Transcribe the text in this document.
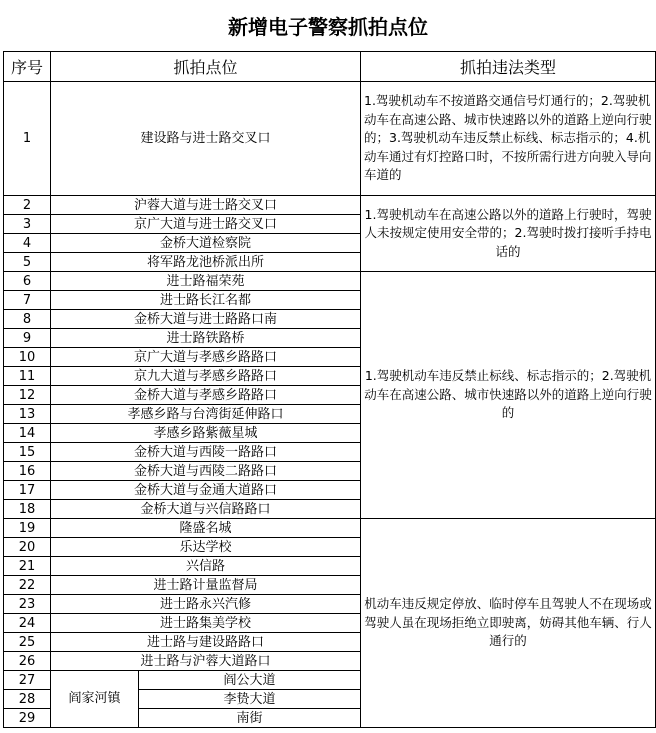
新增电子警察抓拍点位
序号	抓拍点位		抓拍违法类型
1	建设路与进士路交叉口		1.驾驶机动车不按道路交通信号灯通行的；2.驾驶机动车在高速公路、城市快速路以外的道路上逆向行驶的；3.驾驶机动车违反禁止标线、标志指示的；4.机动车通过有灯控路口时，不按所需行进方向驶入导向车道的
2	沪蓉大道与进士路交叉口		1.驾驶机动车在高速公路以外的道路上行驶时，驾驶人未按规定使用安全带的；2.驾驶时拨打接听手持电话的
3	京广大道与进士路交叉口		
4	金桥大道检察院		
5	将军路龙池桥派出所		
6	进士路福荣苑		1.驾驶机动车违反禁止标线、标志指示的；2.驾驶机动车在高速公路、城市快速路以外的道路上逆向行驶的
7	进士路长江名都		
8	金桥大道与进士路路口南		
9	进士路铁路桥		
10	京广大道与孝感乡路路口		
11	京九大道与孝感乡路路口		
12	金桥大道与孝感乡路路口		
13	孝感乡路与台湾街延伸路口		
14	孝感乡路紫薇星城		
15	金桥大道与西陵一路路口		
16	金桥大道与西陵二路路口		
17	金桥大道与金通大道路口		
18	金桥大道与兴信路路口		
19	隆盛名城		机动车违反规定停放、临时停车且驾驶人不在现场或驾驶人虽在现场拒绝立即驶离，妨碍其他车辆、行人通行的
20	乐达学校		
21	兴信路		
22	进士路计量监督局		
23	进士路永兴汽修		
24	进士路集美学校		
25	进士路与建设路路口		
26	进士路与沪蓉大道路口		
27	阎家河镇	阎公大道	
28		李贽大道	
29		南街	
